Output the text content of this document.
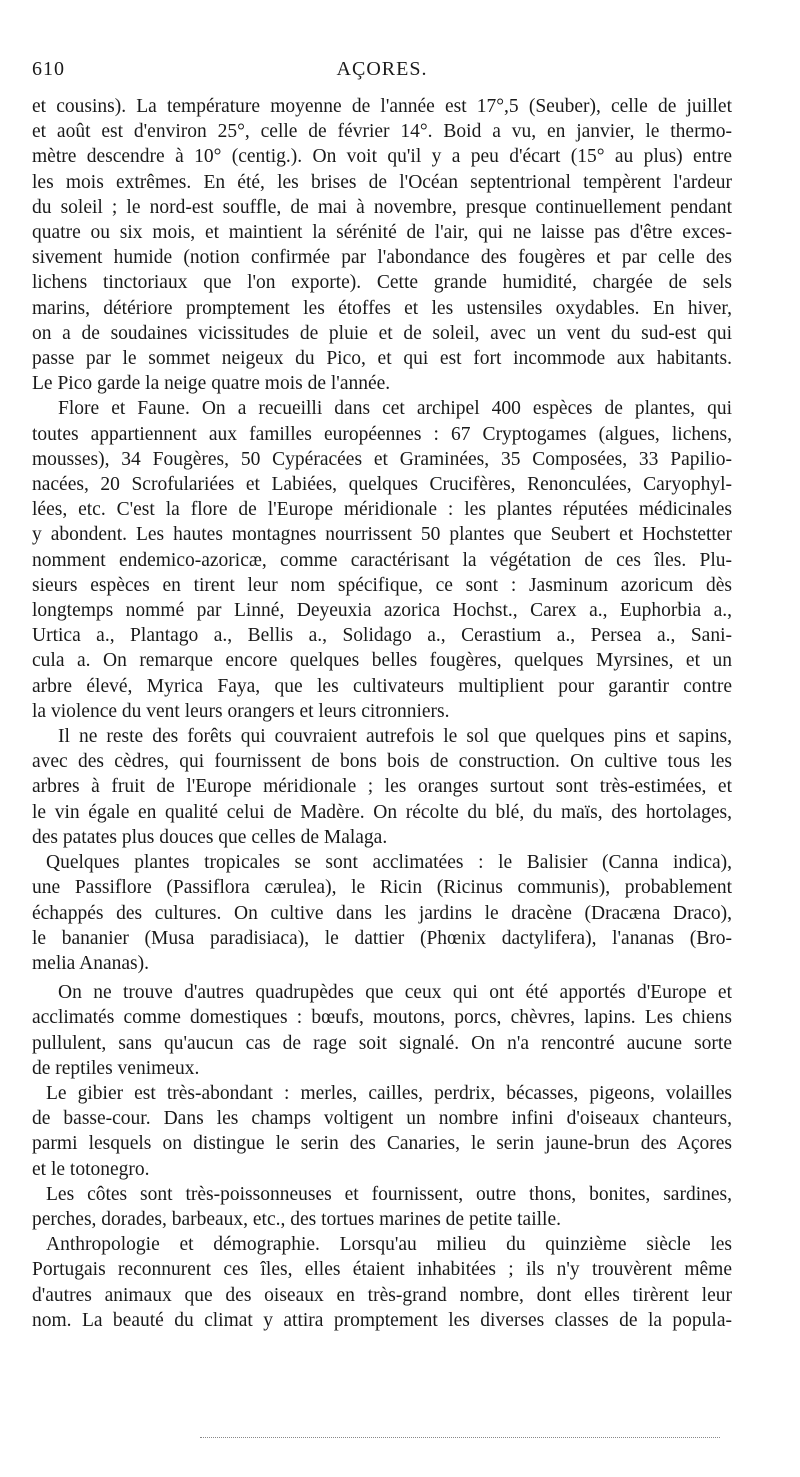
610	AÇORES.
et cousins). La température moyenne de l'année est 17°,5 (Seuber), celle de juillet
et août est d'environ 25°, celle de février 14°. Boid a vu, en janvier, le thermo-
mètre descendre à 10° (centig.). On voit qu'il y a peu d'écart (15° au plus) entre
les mois extrêmes. En été, les brises de l'Océan septentrional tempèrent l'ardeur
du soleil ; le nord-est souffle, de mai à novembre, presque continuellement pendant
quatre ou six mois, et maintient la sérénité de l'air, qui ne laisse pas d'être exces-
sivement humide (notion confirmée par l'abondance des fougères et par celle des
lichens tinctoriaux que l'on exporte). Cette grande humidité, chargée de sels
marins, détériore promptement les étoffes et les ustensiles oxydables. En hiver,
on a de soudaines vicissitudes de pluie et de soleil, avec un vent du sud-est qui
passe par le sommet neigeux du Pico, et qui est fort incommode aux habitants.
Le Pico garde la neige quatre mois de l'année.
Flore et Faune. On a recueilli dans cet archipel 400 espèces de plantes, qui
toutes appartiennent aux familles européennes : 67 Cryptogames (algues, lichens,
mousses), 34 Fougères, 50 Cypéracées et Graminées, 35 Composées, 33 Papilio-
nacées, 20 Scrofulariées et Labiées, quelques Crucifères, Renonculées, Caryophyl-
lées, etc. C'est la flore de l'Europe méridionale : les plantes réputées médicinales
y abondent. Les hautes montagnes nourrissent 50 plantes que Seubert et Hochstetter
nomment endemico-azoricæ, comme caractérisant la végétation de ces îles. Plu-
sieurs espèces en tirent leur nom spécifique, ce sont : Jasminum azoricum dès
longtemps nommé par Linné, Deyeuxia azorica Hochst., Carex a., Euphorbia a.,
Urtica a., Plantago a., Bellis a., Solidago a., Cerastium a., Persea a., Sani-
cula a. On remarque encore quelques belles fougères, quelques Myrsines, et un
arbre élevé, Myrica Faya, que les cultivateurs multiplient pour garantir contre
la violence du vent leurs orangers et leurs citronniers.
Il ne reste des forêts qui couvraient autrefois le sol que quelques pins et sapins,
avec des cèdres, qui fournissent de bons bois de construction. On cultive tous les
arbres à fruit de l'Europe méridionale ; les oranges surtout sont très-estimées, et
le vin égale en qualité celui de Madère. On récolte du blé, du maïs, des hortolages,
des patates plus douces que celles de Malaga.
Quelques plantes tropicales se sont acclimatées : le Balisier (Canna indica),
une Passiflore (Passiflora cærulea), le Ricin (Ricinus communis), probablement
échappés des cultures. On cultive dans les jardins le dracène (Dracæna Draco),
le bananier (Musa paradisiaca), le dattier (Phœnix dactylifera), l'ananas (Bro-
melia Ananas).
On ne trouve d'autres quadrupèdes que ceux qui ont été apportés d'Europe et
acclimatés comme domestiques : bœufs, moutons, porcs, chèvres, lapins. Les chiens
pullulent, sans qu'aucun cas de rage soit signalé. On n'a rencontré aucune sorte
de reptiles venimeux.
Le gibier est très-abondant : merles, cailles, perdrix, bécasses, pigeons, volailles
de basse-cour. Dans les champs voltigent un nombre infini d'oiseaux chanteurs,
parmi lesquels on distingue le serin des Canaries, le serin jaune-brun des Açores
et le totonegro.
Les côtes sont très-poissonneuses et fournissent, outre thons, bonites, sardines,
perches, dorades, barbeaux, etc., des tortues marines de petite taille.
Anthropologie et démographie. Lorsqu'au milieu du quinzième siècle les
Portugais reconnurent ces îles, elles étaient inhabitées ; ils n'y trouvèrent même
d'autres animaux que des oiseaux en très-grand nombre, dont elles tirèrent leur
nom. La beauté du climat y attira promptement les diverses classes de la popula-
